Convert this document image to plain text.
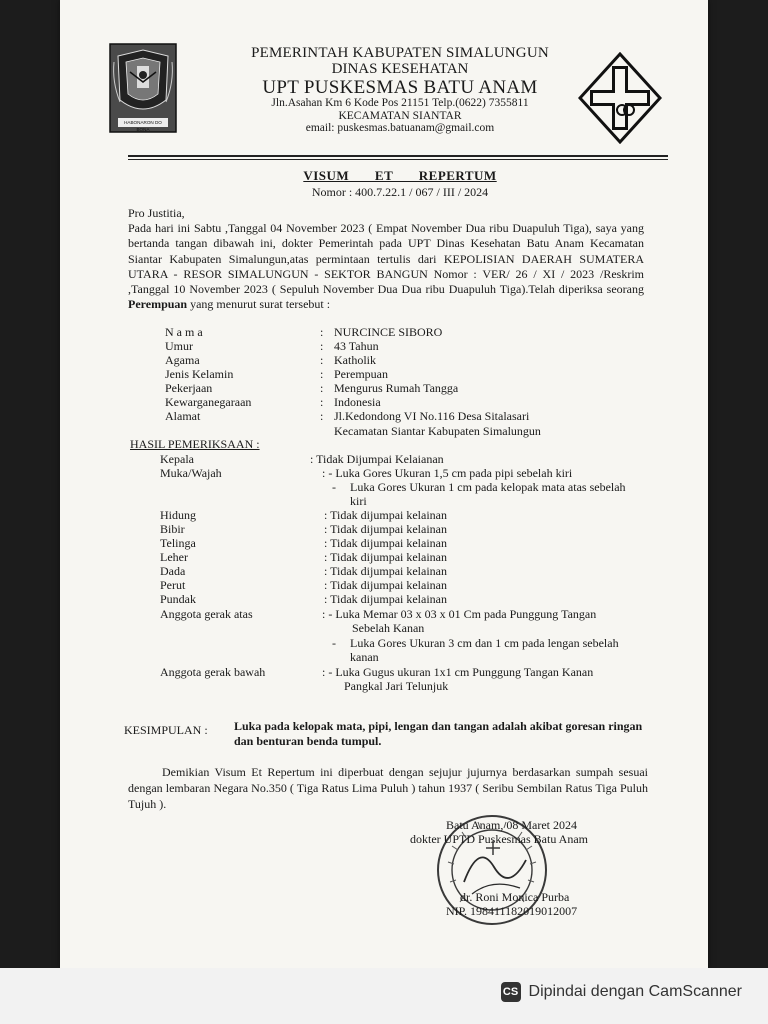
HABONARON DO BONA
PEMERINTAH KABUPATEN SIMALUNGUN
DINAS KESEHATAN
UPT PUSKESMAS BATU ANAM
Jln.Asahan Km 6 Kode Pos 21151 Telp.(0622) 7355811
KECAMATAN SIANTAR
email: puskesmas.batuanam@gmail.com
VISUM ET REPERTUM
Nomor : 400.7.22.1 / 067 / III / 2024

Pro Justitia,

Pada hari ini Sabtu ,Tanggal 04 November 2023 ( Empat November Dua ribu Duapuluh Tiga), saya yang bertanda tangan dibawah ini, dokter Pemerintah pada UPT Dinas Kesehatan Batu Anam Kecamatan Siantar Kabupaten Simalungun,atas permintaan tertulis dari KEPOLISIAN DAERAH SUMATERA UTARA - RESOR SIMALUNGUN - SEKTOR BANGUN Nomor : VER/ 26 / XI / 2023 /Reskrim ,Tanggal 10 November 2023 ( Sepuluh November Dua Dua ribu Duapuluh Tiga).Telah diperiksa seorang Perempuan yang menurut surat tersebut :

N a m a	: NURCINCE SIBORO
Umur	: 43 Tahun
Agama	: Katholik
Jenis Kelamin	: Perempuan
Pekerjaan	: Mengurus Rumah Tangga
Kewarganegaraan	: Indonesia
Alamat	: Jl.Kedondong VI No.116 Desa Sitalasari
Kecamatan Siantar Kabupaten Simalungun
HASIL PEMERIKSAAN :
Kepala	: Tidak Dijumpai Kelaianan
Muka/Wajah	: - Luka Gores Ukuran 1,5 cm pada pipi sebelah kiri
- Luka Gores Ukuran 1 cm pada kelopak mata atas sebelah
kiri
Hidung	: Tidak dijumpai kelainan
Bibir	: Tidak dijumpai kelainan
Telinga	: Tidak dijumpai kelainan
Leher	: Tidak dijumpai kelainan
Dada	: Tidak dijumpai kelainan
Perut	: Tidak dijumpai kelainan
Pundak	: Tidak dijumpai kelainan
Anggota gerak atas	: - Luka Memar 03 x 03 x 01 Cm pada Punggung Tangan
Sebelah Kanan
- Luka Gores Ukuran 3 cm dan 1 cm pada lengan sebelah
kanan
Anggota gerak bawah	: - Luka Gugus ukuran 1x1 cm Punggung Tangan Kanan
Pangkal Jari Telunjuk
KESIMPULAN : Luka pada kelopak mata, pipi, lengan dan tangan adalah akibat goresan ringan dan benturan benda tumpul.
Demikian Visum Et Repertum ini diperbuat dengan sejujur jujurnya berdasarkan sumpah sesuai dengan lembaran Negara No.350 ( Tiga Ratus Lima Puluh ) tahun 1937 ( Seribu Sembilan Ratus Tiga Puluh Tujuh ).
Batu Anam, 08 Maret 2024
dokter UPTD Puskesmas Batu Anam
dr. Roni Monica Purba
NIP. 198411182019012007
CS Dipindai dengan CamScanner
